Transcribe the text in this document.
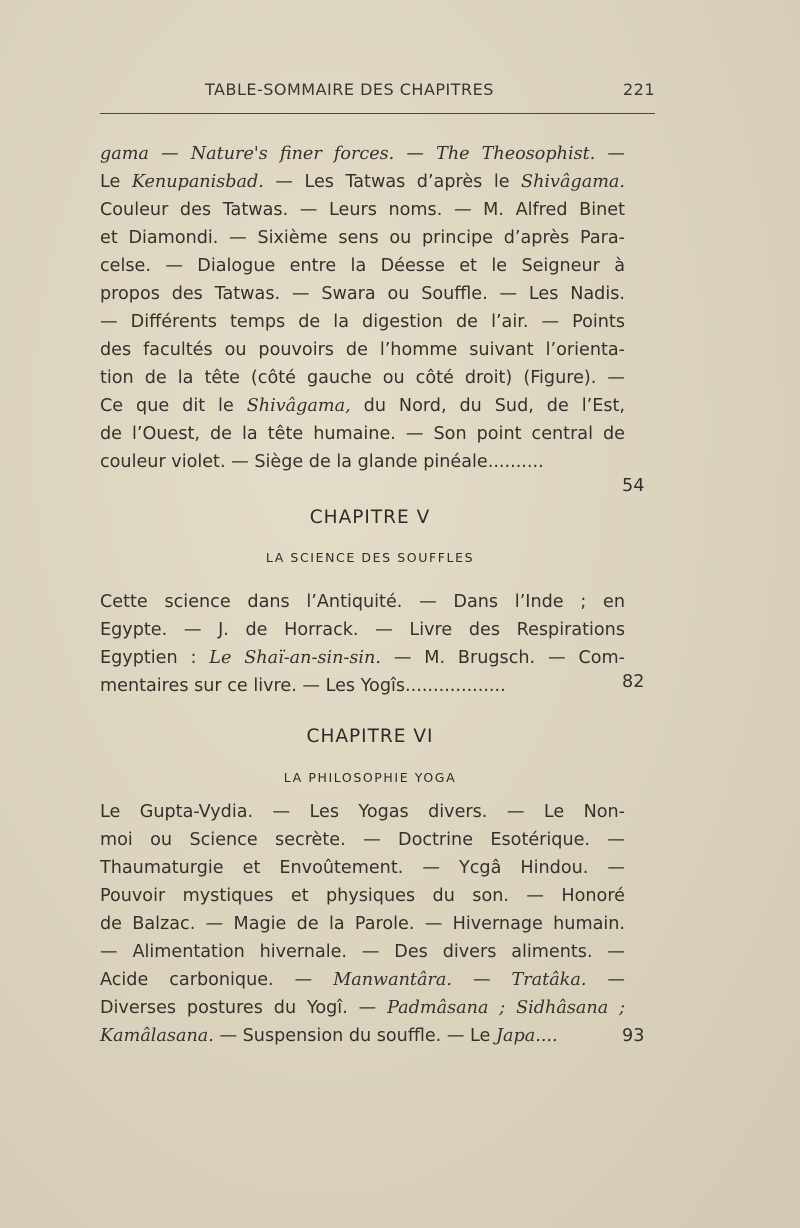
TABLE-SOMMAIRE DES CHAPITRES	221
gama — Nature's finer forces. — The Theosophist. —
Le Kenupanisbad. — Les Tatwas d’après le Shivâgama.
Couleur des Tatwas. — Leurs noms. — M. Alfred Binet
et Diamondi. — Sixième sens ou principe d’après Para-
celse. — Dialogue entre la Déesse et le Seigneur à
propos des Tatwas. — Swara ou Souffle. — Les Nadis.
— Différents temps de la digestion de l’air. — Points
des facultés ou pouvoirs de l’homme suivant l’orienta-
tion de la tête (côté gauche ou côté droit) (Figure). —
Ce que dit le Shivâgama, du Nord, du Sud, de l’Est,
de l’Ouest, de la tête humaine. — Son point central de
couleur violet. — Siège de la glande pinéale..........
54
CHAPITRE V
LA SCIENCE DES SOUFFLES
Cette science dans l’Antiquité. — Dans l’Inde ; en
Egypte. — J. de Horrack. — Livre des Respirations
Egyptien : Le Shaï-an-sin-sin. — M. Brugsch. — Com-
mentaires sur ce livre. — Les Yogîs..................	82
CHAPITRE VI
LA PHILOSOPHIE YOGA
Le Gupta-Vydia. — Les Yogas divers. — Le Non-
moi ou Science secrète. — Doctrine Esotérique. —
Thaumaturgie et Envoûtement. — Ycgâ Hindou. —
Pouvoir mystiques et physiques du son. — Honoré
de Balzac. — Magie de la Parole. — Hivernage humain.
— Alimentation hivernale. — Des divers aliments. —
Acide carbonique. — Manwantâra. — Tratâka. —
Diverses postures du Yogî. — Padmâsana ; Sidhâsana ;
Kamâlasana. — Suspension du souffle. — Le Japa....	93
